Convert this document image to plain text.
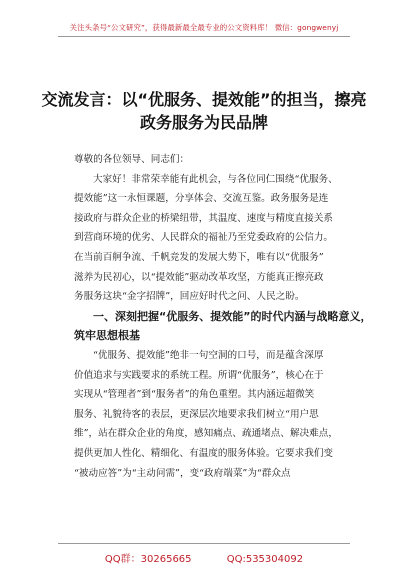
关注头条号“公文研究”，获得最新最全最专业的公文资料库！ 微信：gongwenyj
交流发言：以“优服务、提效能”的担当，擦亮
政务服务为民品牌
尊敬的各位领导、同志们：
大家好！非常荣幸能有此机会，与各位同仁围绕“优服务、
提效能”这一永恒课题，分享体会、交流互鉴。政务服务是连
接政府与群众企业的桥梁纽带，其温度、速度与精度直接关系
到营商环境的优劣、人民群众的福祉乃至党委政府的公信力。
在当前百舸争流、千帆竞发的发展大势下，唯有以“优服务”
滋养为民初心，以“提效能”驱动改革攻坚，方能真正擦亮政
务服务这块“金字招牌”，回应好时代之问、人民之盼。
一、深刻把握“优服务、提效能”的时代内涵与战略意义，
筑牢思想根基
“优服务、提效能”绝非一句空洞的口号，而是蕴含深厚
价值追求与实践要求的系统工程。所谓“优服务”，核心在于
实现从“管理者”到“服务者”的角色重塑。其内涵远超微笑
服务、礼貌待客的表层，更深层次地要求我们树立“用户思
维”，站在群众企业的角度，感知痛点、疏通堵点、解决难点，
提供更加人性化、精细化、有温度的服务体验。它要求我们变
“被动应答”为“主动问需”，变“政府端菜”为“群众点
QQ群：30265665	QQ:535304092
